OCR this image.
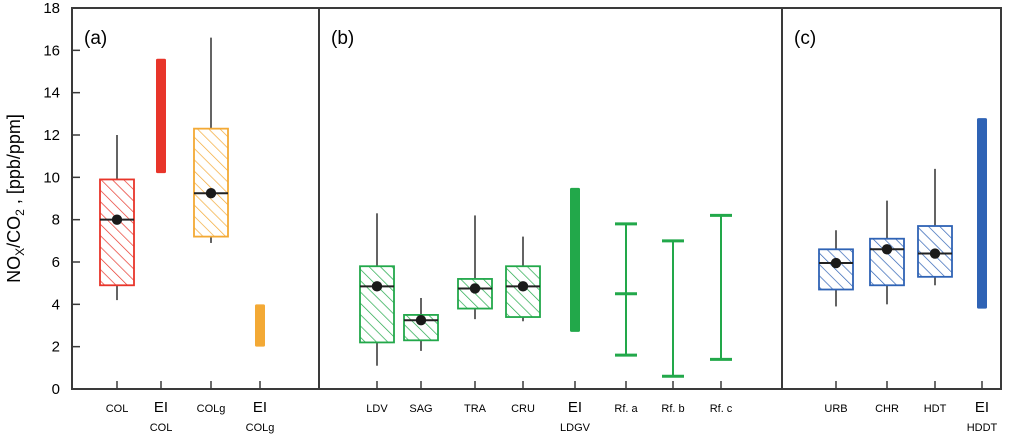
0
2
4
6
8
10
12
14
16
18
$NO_X/CO_2$ , [ppb/ppm]
(a)
COL EI
COL
COLg EI
COLg
(b)
LDV SAG	TRA CRU EI
LDGV
Rf. a Rf. b Rf. c
(c)
URB CHR HDT EI
HDDT
